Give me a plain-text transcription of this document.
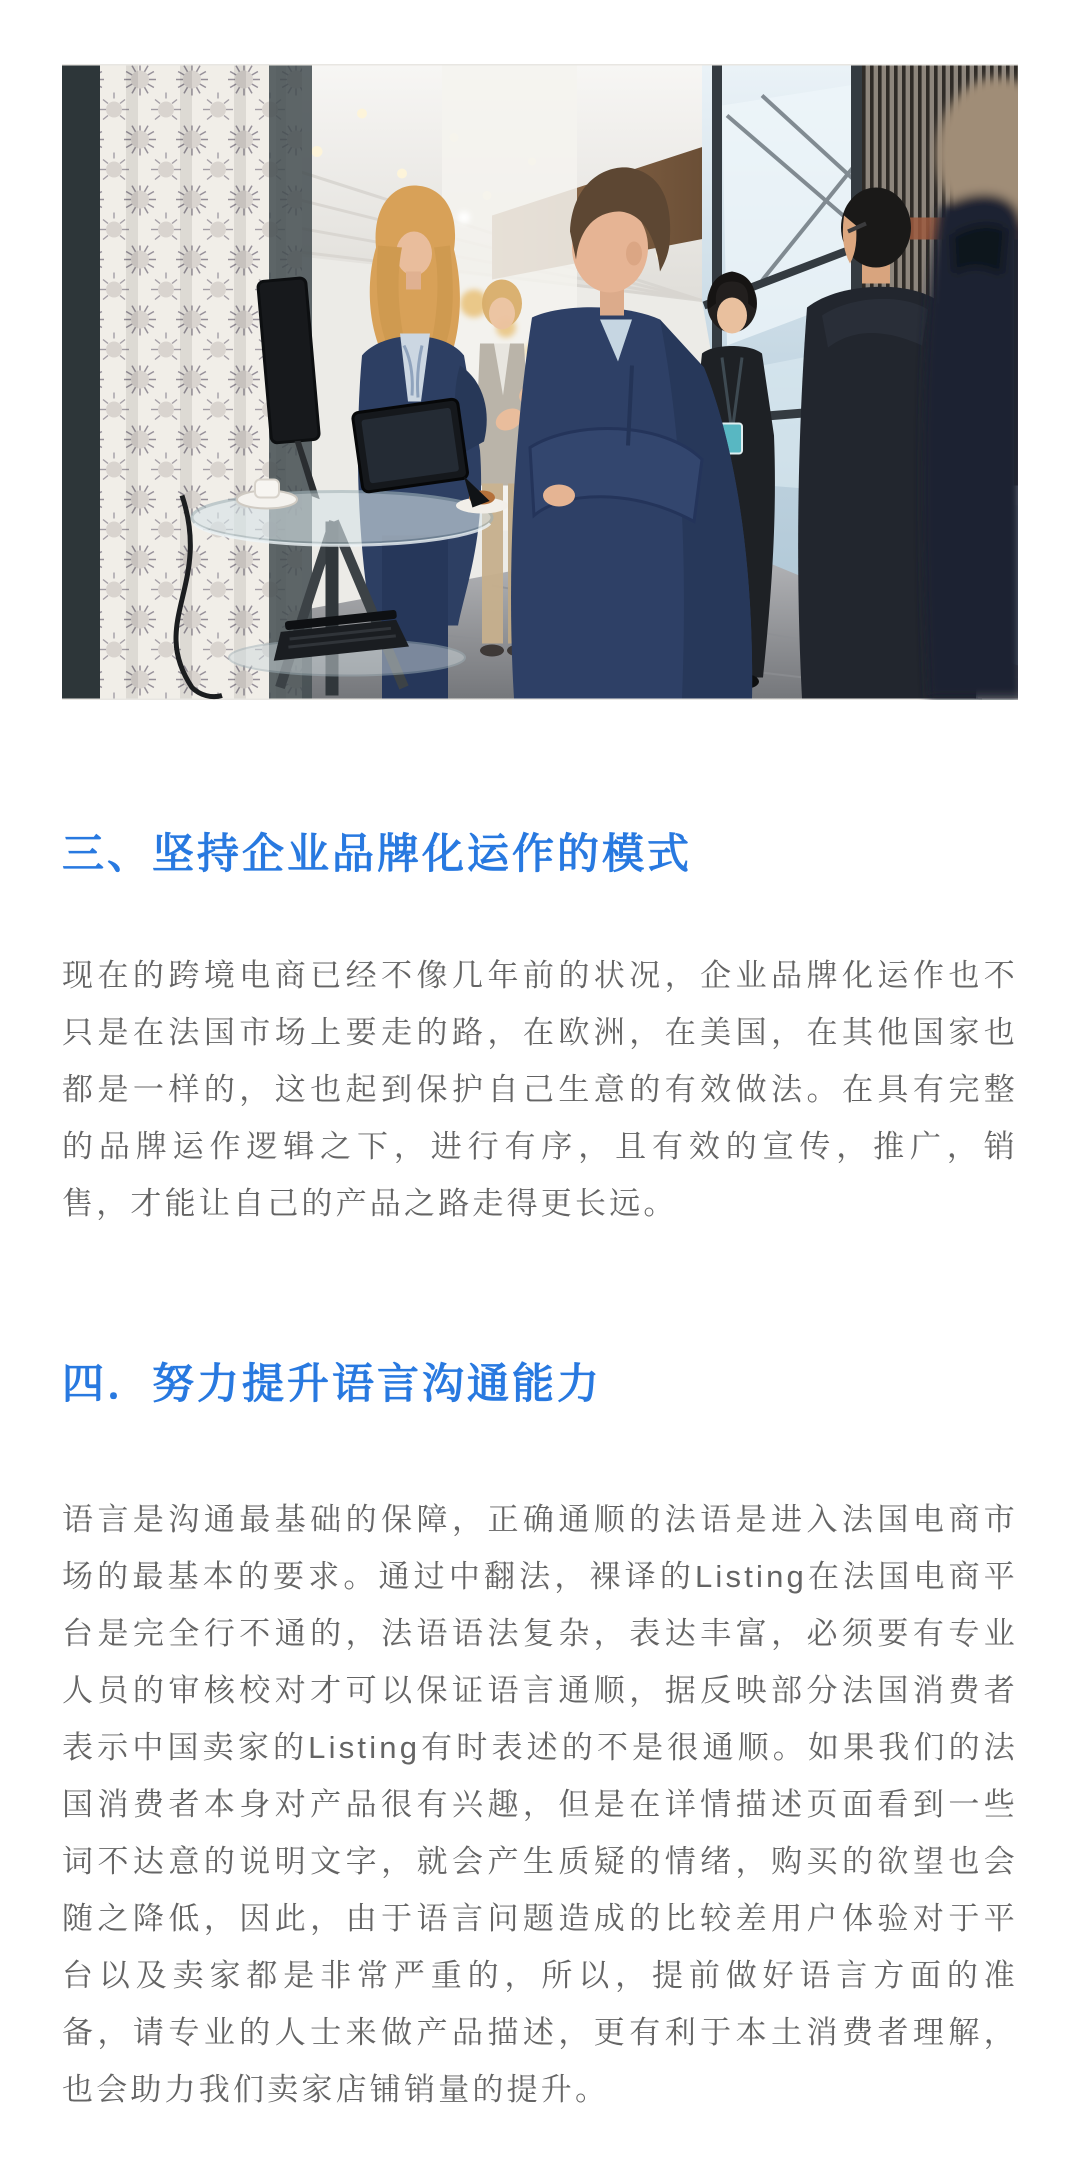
三、坚持企业品牌化运作的模式

现在的跨境电商已经不像几年前的状况，企业品牌化运作也不只是在法国市场上要走的路，在欧洲，在美国，在其他国家也都是一样的，这也起到保护自己生意的有效做法。在具有完整的品牌运作逻辑之下，进行有序，且有效的宣传，推广，销售，才能让自己的产品之路走得更长远。

四．努力提升语言沟通能力

语言是沟通最基础的保障，正确通顺的法语是进入法国电商市场的最基本的要求。通过中翻法，裸译的Listing在法国电商平台是完全行不通的，法语语法复杂，表达丰富，必须要有专业人员的审核校对才可以保证语言通顺，据反映部分法国消费者表示中国卖家的Listing有时表述的不是很通顺。如果我们的法国消费者本身对产品很有兴趣，但是在详情描述页面看到一些词不达意的说明文字，就会产生质疑的情绪，购买的欲望也会随之降低，因此，由于语言问题造成的比较差用户体验对于平台以及卖家都是非常严重的，所以，提前做好语言方面的准备，请专业的人士来做产品描述，更有利于本土消费者理解，也会助力我们卖家店铺销量的提升。
